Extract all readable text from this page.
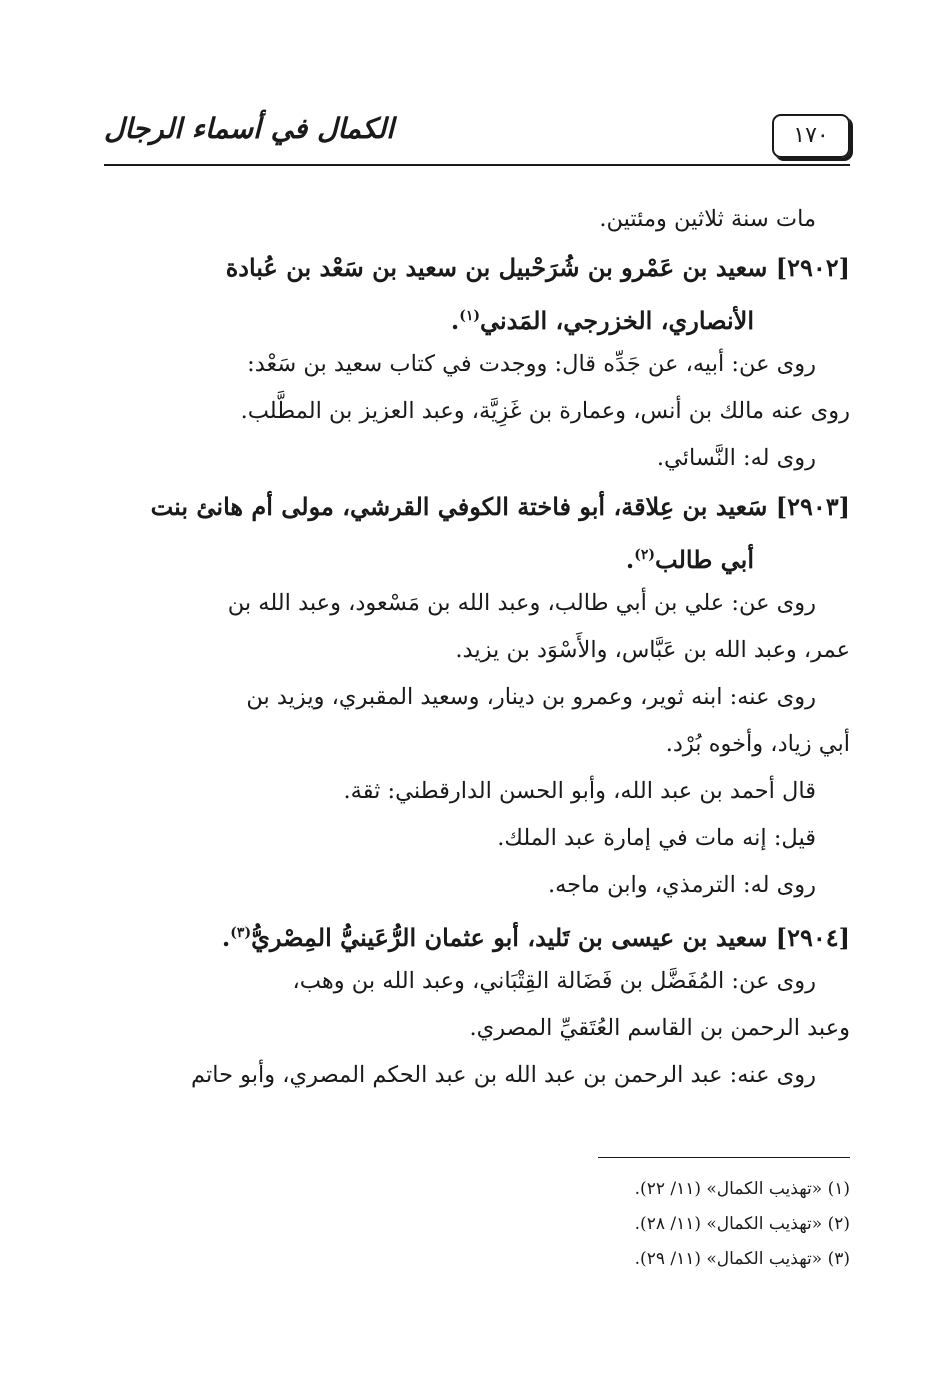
١٧٠
الكمال في أسماء الرجال
مات سنة ثلاثين ومئتين.
[٢٩٠٢] سعيد بن عَمْرو بن شُرَحْبيل بن سعيد بن سَعْد بن عُبادة
الأنصاري، الخزرجي، المَدني$^{(١)}$.
روى عن: أبيه، عن جَدِّه قال: ووجدت في كتاب سعيد بن سَعْد:
روى عنه مالك بن أنس، وعمارة بن غَزِيَّة، وعبد العزيز بن المطَّلب.
روى له: النَّسائي.
[٢٩٠٣] سَعيد بن عِلاقة، أبو فاختة الكوفي القرشي، مولى أم هانئ بنت
أبي طالب$^{(٢)}$.
روى عن: علي بن أبي طالب، وعبد الله بن مَسْعود، وعبد الله بن
عمر، وعبد الله بن عَبَّاس، والأَسْوَد بن يزيد.
روى عنه: ابنه ثوير، وعمرو بن دينار، وسعيد المقبري، ويزيد بن
أبي زياد، وأخوه بُرْد.
قال أحمد بن عبد الله، وأبو الحسن الدارقطني: ثقة.
قيل: إنه مات في إمارة عبد الملك.
روى له: الترمذي، وابن ماجه.
[٢٩٠٤] سعيد بن عيسى بن تَليد، أبو عثمان الرُّعَينيُّ المِصْريُّ$^{(٣)}$.
روى عن: المُفَضَّل بن فَضَالة القِتْبَاني، وعبد الله بن وهب،
وعبد الرحمن بن القاسم العُتَقيِّ المصري.
روى عنه: عبد الرحمن بن عبد الله بن عبد الحكم المصري، وأبو حاتم
(١) «تهذيب الكمال» (١١/ ٢٢).
(٢) «تهذيب الكمال» (١١/ ٢٨).
(٣) «تهذيب الكمال» (١١/ ٢٩).
